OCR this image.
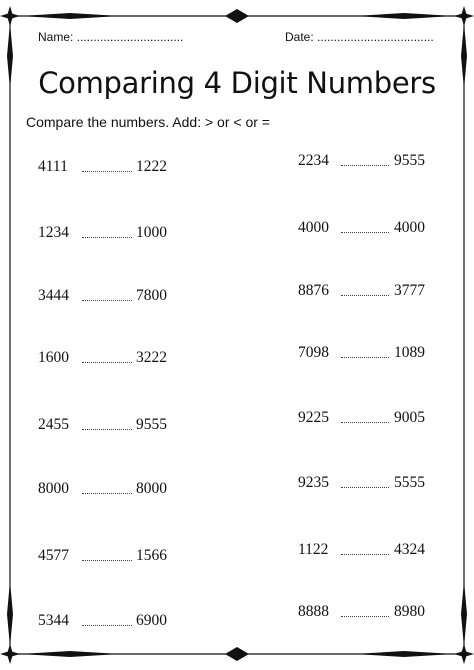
Name: ................................	Date: ...................................
Comparing 4 Digit Numbers
Compare the numbers. Add: > or < or =
4111	1222
1234	1000
3444	7800
1600	3222
2455	9555
8000	8000
4577	1566
5344	6900
2234	9555
4000	4000
8876	3777
7098	1089
9225	9005
9235	5555
1122	4324
8888	8980
